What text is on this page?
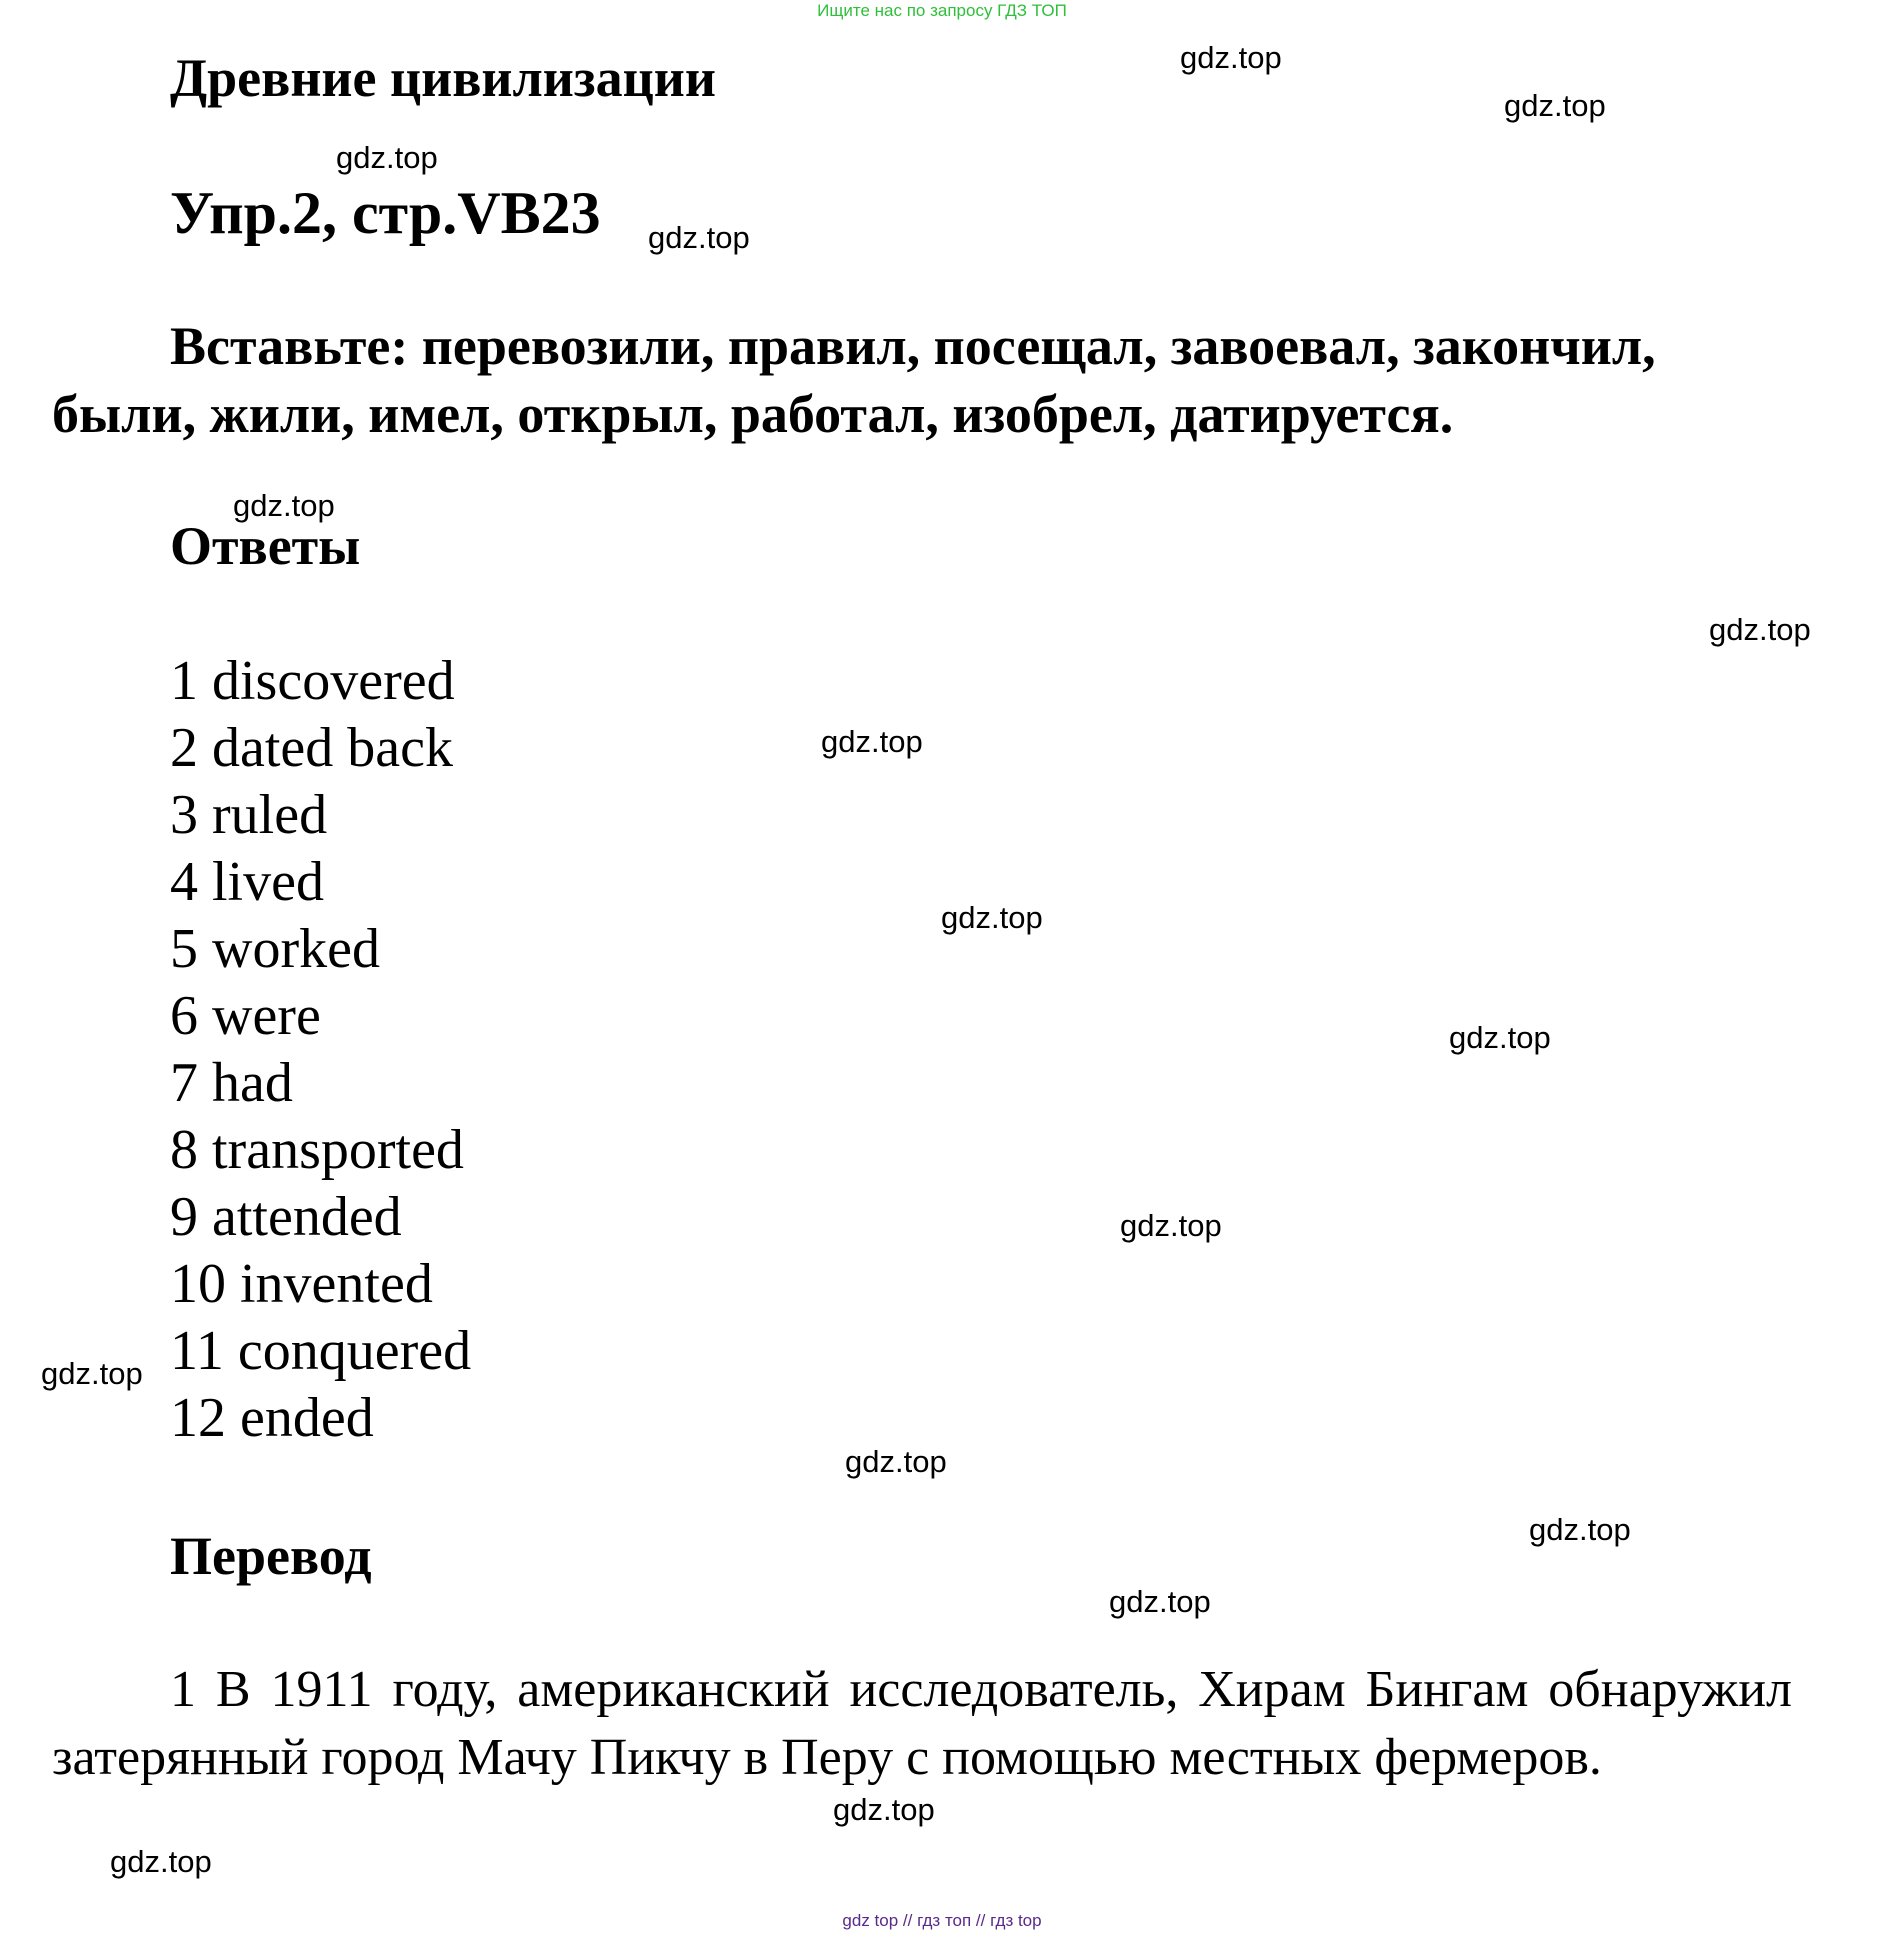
Ищите нас по запросу ГДЗ ТОП
Древние цивилизации
Упр.2, стр.VB23

Вставьте: перевозили, правил, посещал, завоевал, закончил, были, жили, имел, открыл, работал, изобрел, датируется.

Ответы
1 discovered
2 dated back
3 ruled
4 lived
5 worked
6 were
7 had
8 transported
9 attended
10 invented
11 conquered
12 ended
Перевод

1 В 1911 году, американский исследователь, Хирам Бингам обнаружил затерянный город Мачу Пикчу в Перу с помощью местных фермеров.

gdz.top
gdz.top
gdz.top
gdz.top
gdz.top
gdz.top
gdz.top
gdz.top
gdz.top
gdz.top
gdz.top
gdz.top
gdz.top
gdz.top
gdz.top
gdz.top
gdz top // гдз топ // гдз top
